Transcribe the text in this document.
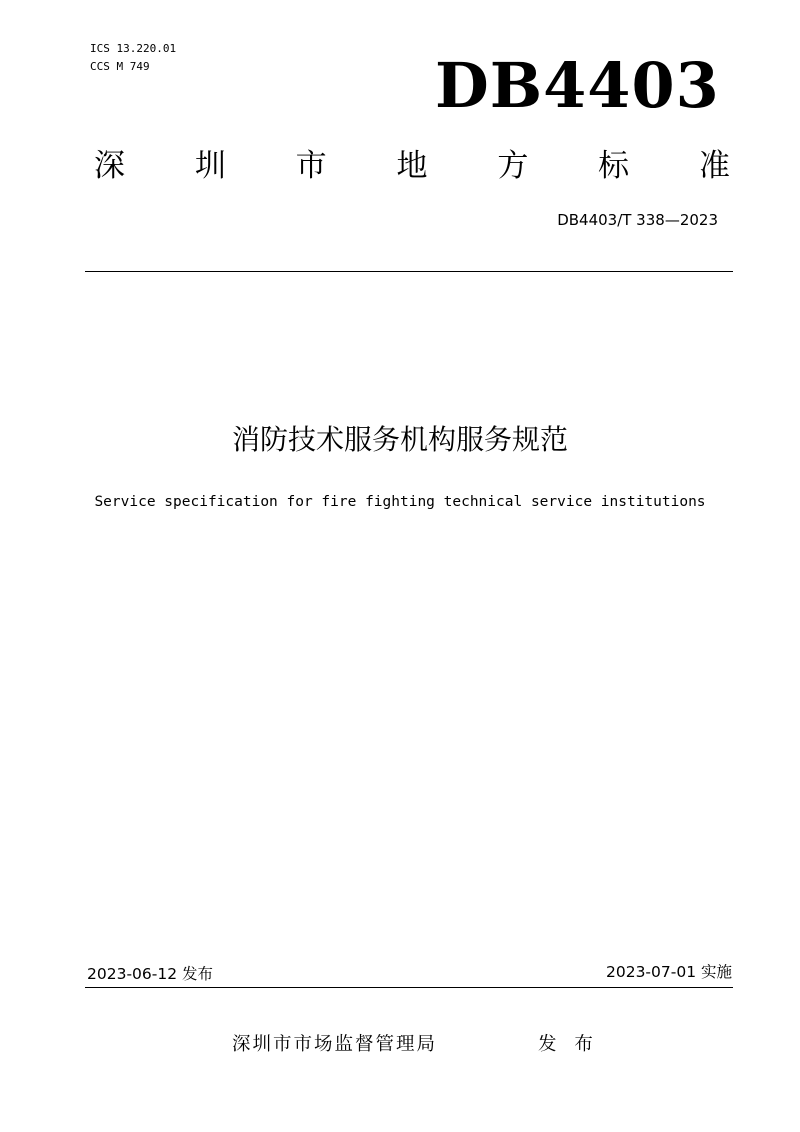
ICS 13.220.01
CCS M 749	DB4403
深 圳 市 地 方 标 准
DB4403/T 338—2023
消防技术服务机构服务规范
Service specification for fire fighting technical service institutions
2023-06-12 发布	2023-07-01 实施
深圳市市场监督管理局	发 布
